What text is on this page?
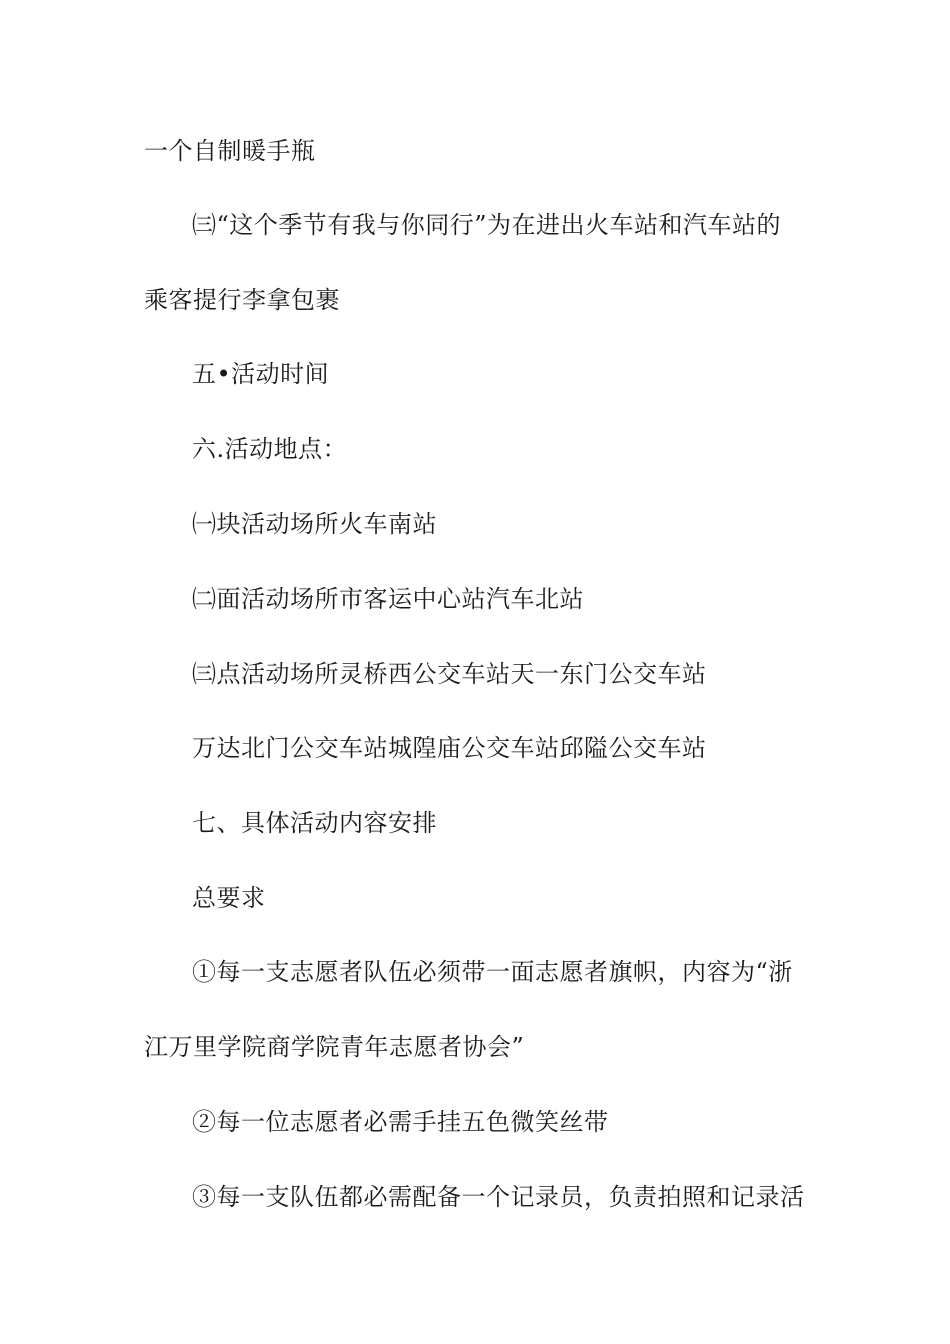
一个自制暖手瓶
㈢“这个季节有我与你同行”为在进出火车站和汽车站的
乘客提行李拿包裹
五•活动时间
六.活动地点：
㈠块活动场所火车南站
㈡面活动场所市客运中心站汽车北站
㈢点活动场所灵桥西公交车站天一东门公交车站
万达北门公交车站城隍庙公交车站邱隘公交车站
七、具体活动内容安排
总要求
①每一支志愿者队伍必须带一面志愿者旗帜，内容为“浙
江万里学院商学院青年志愿者协会”
②每一位志愿者必需手挂五色微笑丝带
③每一支队伍都必需配备一个记录员，负责拍照和记录活
